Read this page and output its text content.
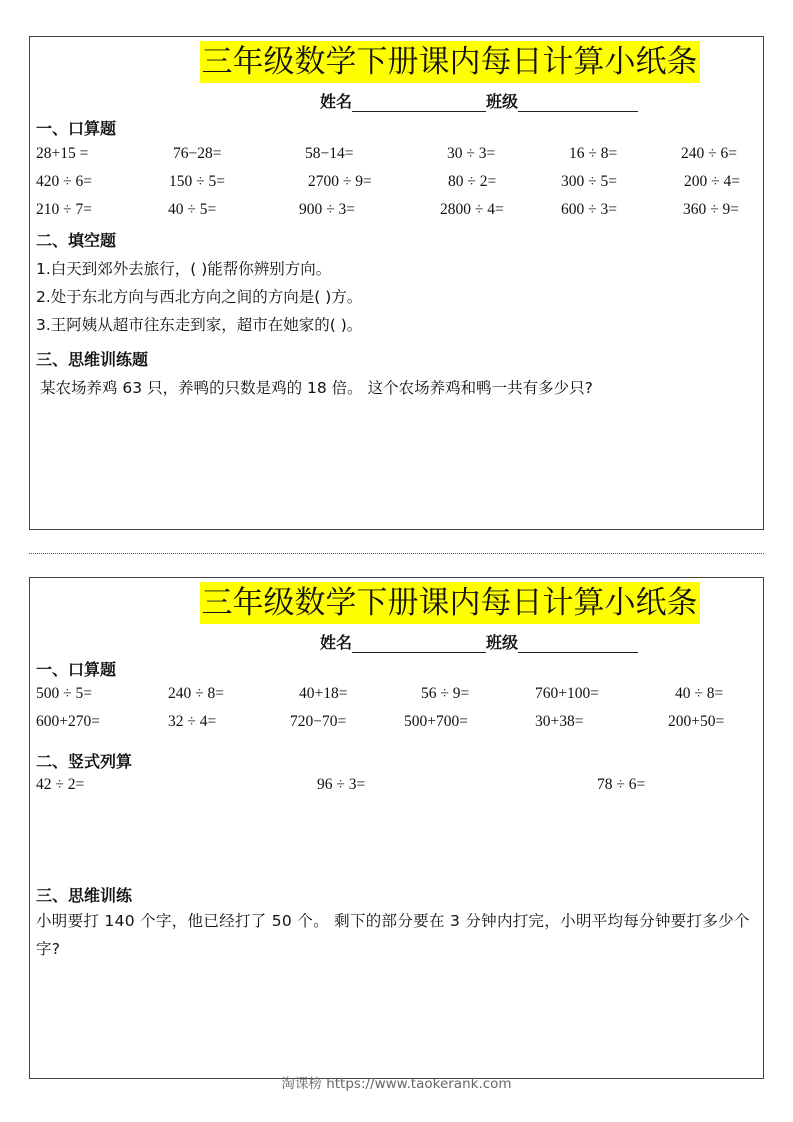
三年级数学下册课内每日计算小纸条
姓名	班级
一、口算题
28+15 =	76−28=	58−14=	30 ÷ 3=	16 ÷ 8=	240 ÷ 6=
420 ÷ 6=	150 ÷ 5=	2700 ÷ 9=	80 ÷ 2=	300 ÷ 5=	200 ÷ 4=
210 ÷ 7=	40 ÷ 5=	900 ÷ 3=	2800 ÷ 4=	600 ÷ 3=	360 ÷ 9=
二、填空题
1.白天到郊外去旅行，( )能帮你辨别方向。
2.处于东北方向与西北方向之间的方向是( )方。
3.王阿姨从超市往东走到家，超市在她家的( )。
三、思维训练题
某农场养鸡 63 只，养鸭的只数是鸡的 18 倍。 这个农场养鸡和鸭一共有多少只?
三年级数学下册课内每日计算小纸条
姓名	班级
一、口算题
500 ÷ 5=	240 ÷ 8=	40+18=	56 ÷ 9=	760+100=	40 ÷ 8=
600+270=	32 ÷ 4=	720−70=	500+700=	30+38=	200+50=
二、竖式列算
42 ÷ 2=	96 ÷ 3=	78 ÷ 6=
三、思维训练
小明要打 140 个字，他已经打了 50 个。 剩下的部分要在 3 分钟内打完，小明平均每分钟要打多少个字?
淘课榜 https://www.taokerank.com
